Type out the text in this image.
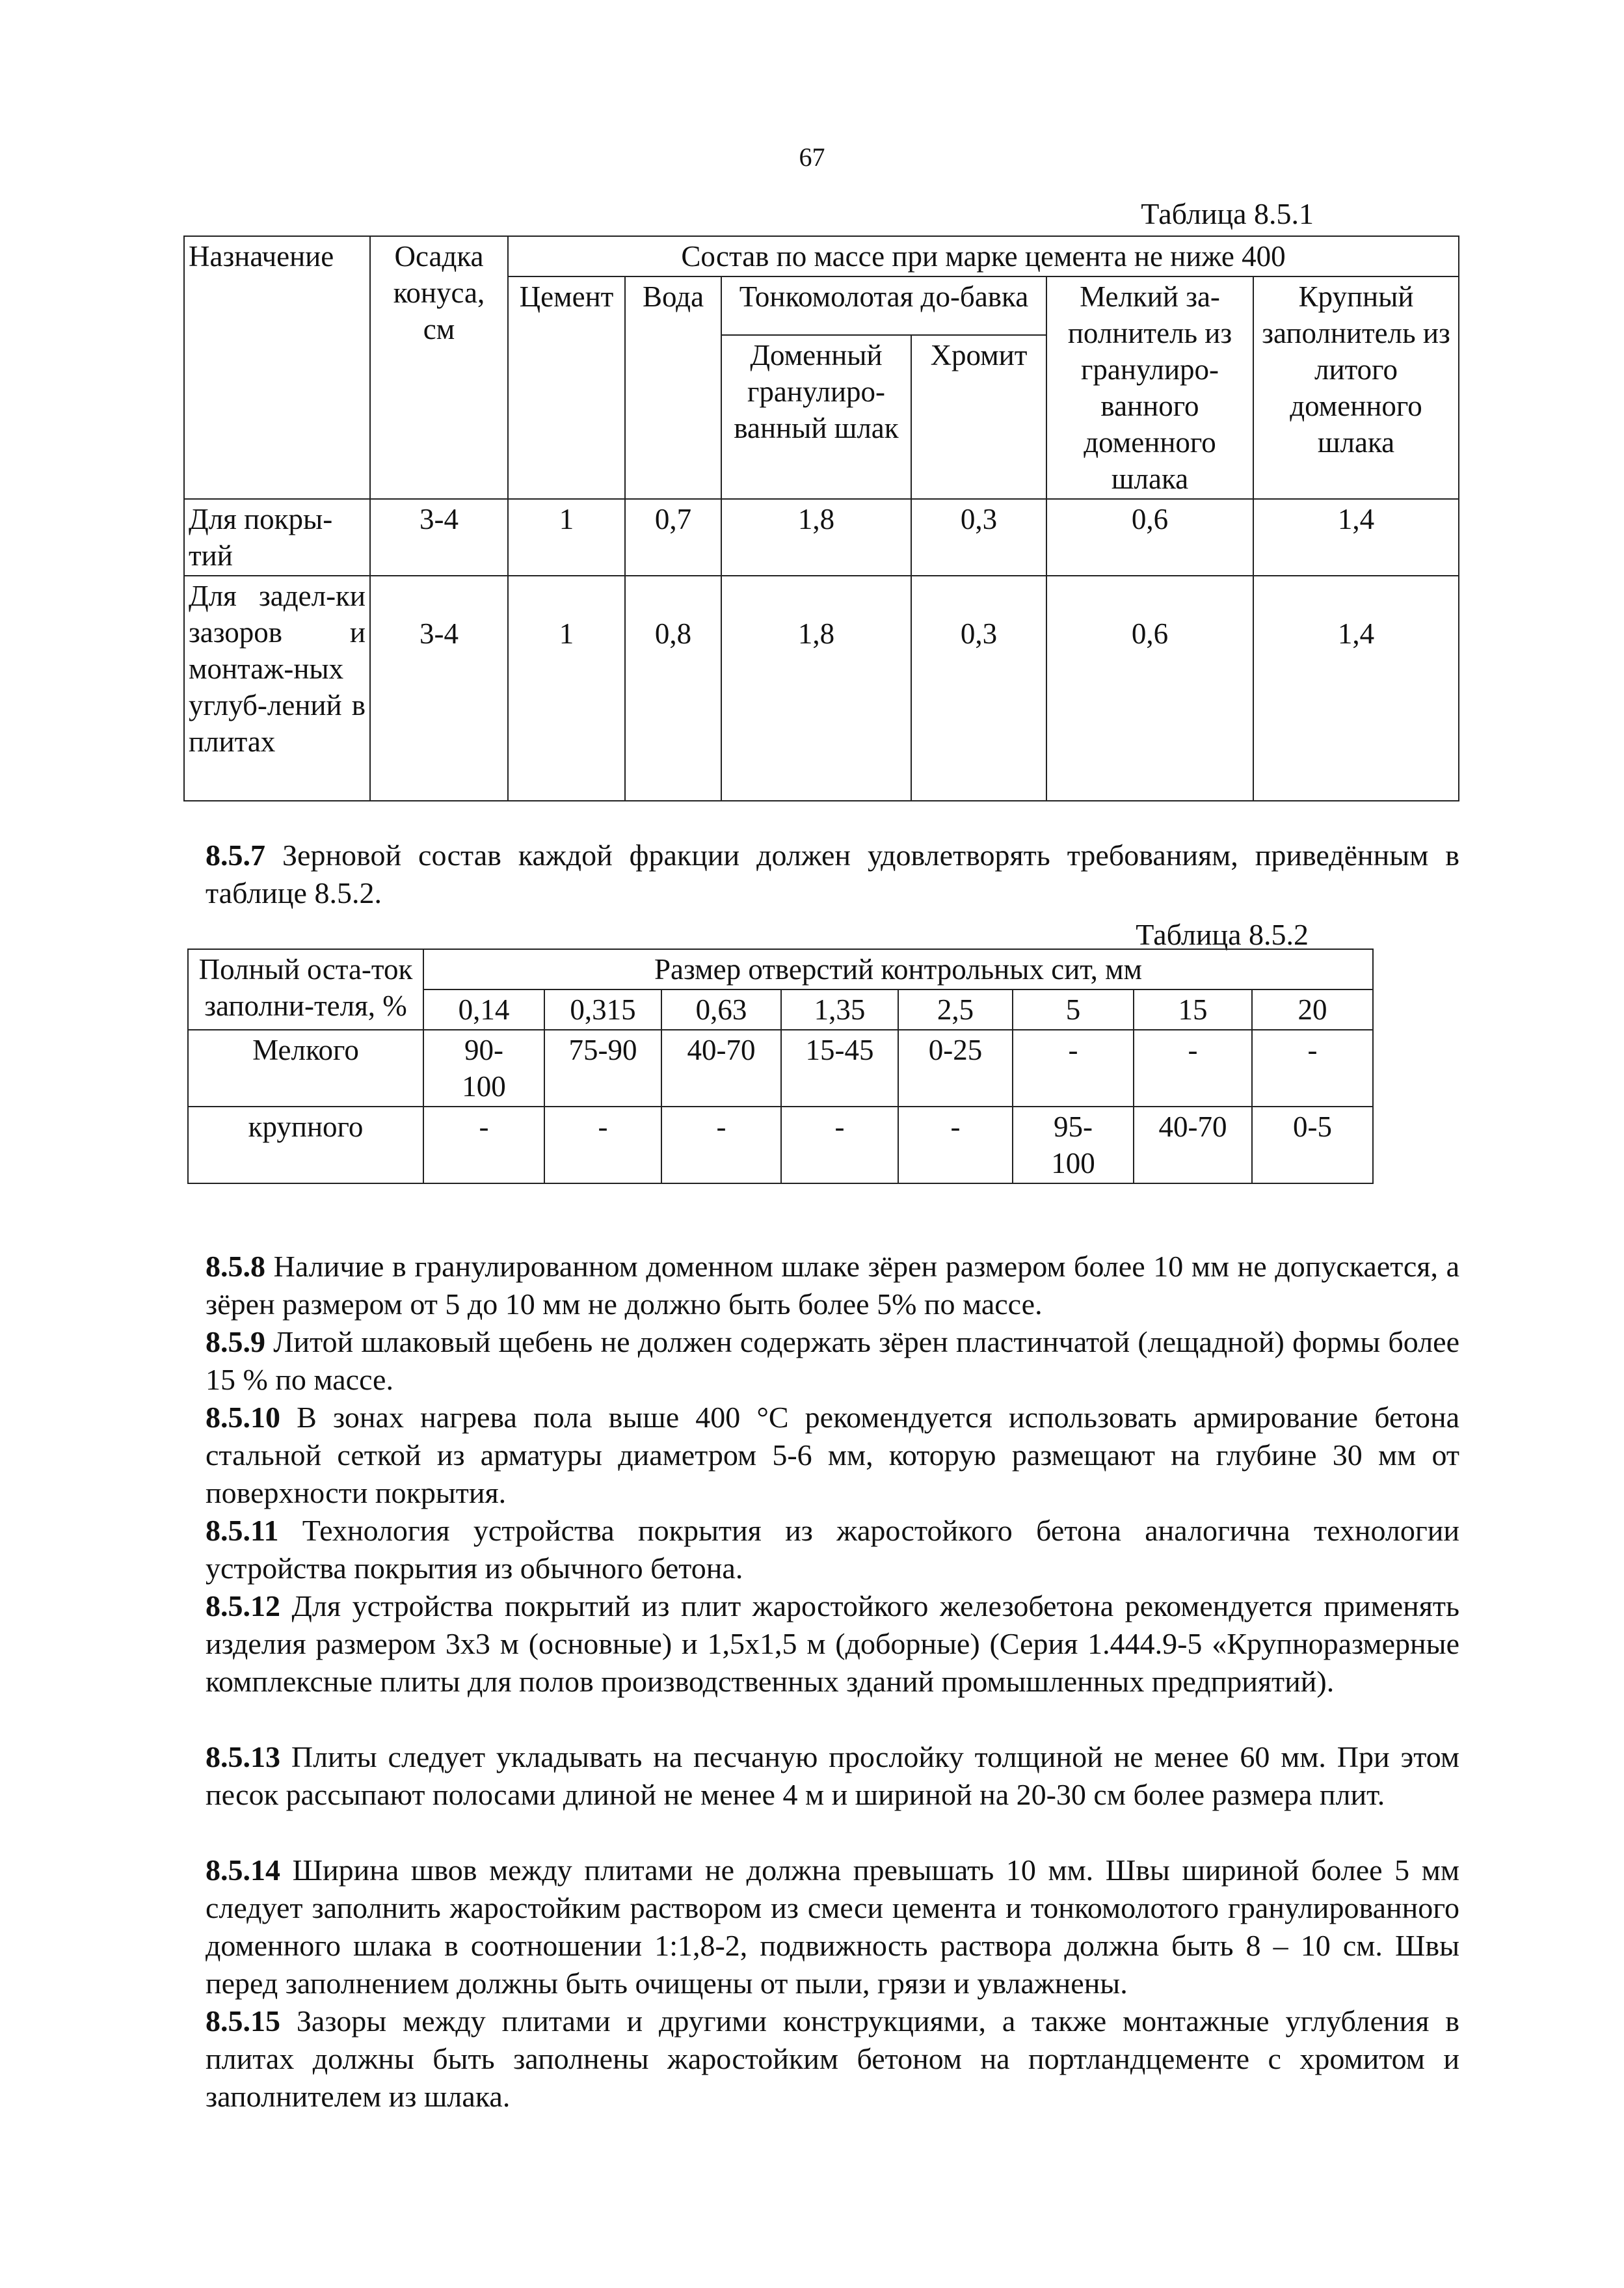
67
Таблица 8.5.1
Назначение	Осадка конуса, см	Состав по массе при марке цемента не ниже 400					
		Цемент	Вода	Тонкомолотая до-бавка		Мелкий за-полнитель из гранулиро-ванного доменного шлака	Крупный заполнитель из литого доменного шлака
				Доменный гранулиро-ванный шлак	Хромит		
Для покры-тий	3-4	1	0,7	1,8	0,3	0,6	1,4
Для задел-ки зазоров и монтаж-ных углуб-лений в плитах	3-4	1	0,8	1,8	0,3	0,6	1,4
8.5.7 Зерновой состав каждой фракции должен удовлетворять требованиям, приведённым в таблице 8.5.2.
Таблица 8.5.2
Полный оста-ток заполни-теля, %	Размер отверстий контрольных сит, мм							
	0,14	0,315	0,63	1,35	2,5	5	15	20
Мелкого	90-100	75-90	40-70	15-45	0-25	-	-	-
крупного	-	-	-	-	-	95-100	40-70	0-5
8.5.8 Наличие в гранулированном доменном шлаке зёрен размером более 10 мм не допускается, а зёрен размером от 5 до 10 мм не должно быть более 5% по массе.
8.5.9 Литой шлаковый щебень не должен содержать зёрен пластинчатой (лещадной) формы более 15 % по массе.
8.5.10 В зонах нагрева пола выше 400 °С рекомендуется использовать армирование бетона стальной сеткой из арматуры диаметром 5-6 мм, которую размещают на глубине 30 мм от поверхности покрытия.
8.5.11 Технология устройства покрытия из жаростойкого бетона аналогична технологии устройства покрытия из обычного бетона.
8.5.12 Для устройства покрытий из плит жаростойкого железобетона рекомендуется применять изделия размером 3х3 м (основные) и 1,5х1,5 м (доборные) (Серия 1.444.9-5 «Крупноразмерные комплексные плиты для полов производственных зданий промышленных предприятий).
8.5.13 Плиты следует укладывать на песчаную прослойку толщиной не менее 60 мм. При этом песок рассыпают полосами длиной не менее 4 м и шириной на 20-30 см более размера плит.
8.5.14 Ширина швов между плитами не должна превышать 10 мм. Швы шириной более 5 мм следует заполнить жаростойким раствором из смеси цемента и тонкомолотого гранулированного доменного шлака в соотношении 1:1,8-2, подвижность раствора должна быть 8 – 10 см. Швы перед заполнением должны быть очищены от пыли, грязи и увлажнены.
8.5.15 Зазоры между плитами и другими конструкциями, а также монтажные углубления в плитах должны быть заполнены жаростойким бетоном на портландцементе с хромитом и заполнителем из шлака.
